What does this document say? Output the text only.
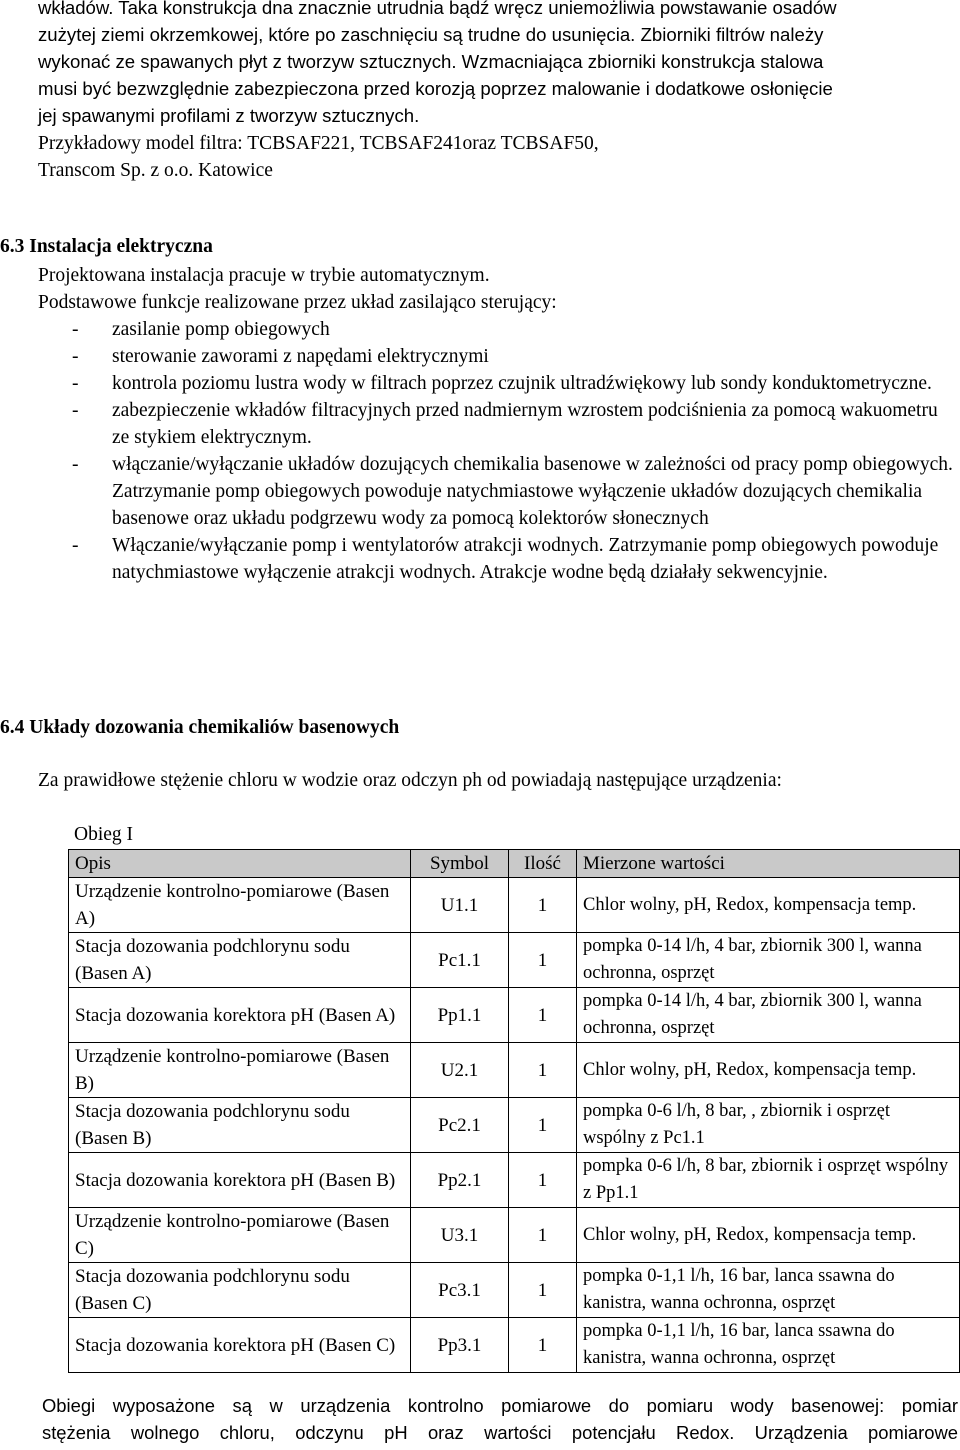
wkładów. Taka konstrukcja dna znacznie utrudnia bądź wręcz uniemożliwia powstawanie osadów

zużytej ziemi okrzemkowej, które po zaschnięciu są trudne do usunięcia. Zbiorniki filtrów należy

wykonać ze spawanych płyt z tworzyw sztucznych. Wzmacniająca zbiorniki konstrukcja stalowa

musi być bezwzględnie zabezpieczona przed korozją poprzez malowanie i dodatkowe osłonięcie

jej spawanymi profilami z tworzyw sztucznych.

Przykładowy model filtra: TCBSAF221, TCBSAF241oraz TCBSAF50,

Transcom Sp. z o.o. Katowice

6.3 Instalacja elektryczna

Projektowana instalacja pracuje w trybie automatycznym.

Podstawowe funkcje realizowane przez układ zasilająco sterujący:

- zasilanie pomp obiegowych
- sterowanie zaworami z napędami elektrycznymi
- kontrola poziomu lustra wody w filtrach poprzez czujnik ultradźwiękowy lub sondy konduktometryczne.
- zabezpieczenie wkładów filtracyjnych przed nadmiernym wzrostem podciśnienia za pomocą wakuometru ze stykiem elektrycznym.
- włączanie/wyłączanie układów dozujących chemikalia basenowe w zależności od pracy pomp obiegowych. Zatrzymanie pomp obiegowych powoduje natychmiastowe wyłączenie układów dozujących chemikalia basenowe oraz układu podgrzewu wody za pomocą kolektorów słonecznych
- Włączanie/wyłączanie pomp i wentylatorów atrakcji wodnych. Zatrzymanie pomp obiegowych powoduje natychmiastowe wyłączenie atrakcji wodnych. Atrakcje wodne będą działały sekwencyjnie.
6.4 Układy dozowania chemikaliów basenowych

Za prawidłowe stężenie chloru w wodzie oraz odczyn ph od powiadają następujące urządzenia:

Obieg I

Opis	Symbol	Ilość	Mierzone wartości
Urządzenie kontrolno-pomiarowe (Basen A)	U1.1	1	Chlor wolny, pH, Redox, kompensacja temp.
Stacja dozowania podchlorynu sodu (Basen A)	Pc1.1	1	pompka 0-14 l/h, 4 bar, zbiornik 300 l, wanna ochronna, osprzęt
Stacja dozowania korektora pH (Basen A)	Pp1.1	1	pompka 0-14 l/h, 4 bar, zbiornik 300 l, wanna ochronna, osprzęt
Urządzenie kontrolno-pomiarowe (Basen B)	U2.1	1	Chlor wolny, pH, Redox, kompensacja temp.
Stacja dozowania podchlorynu sodu (Basen B)	Pc2.1	1	pompka 0-6 l/h, 8 bar, , zbiornik i osprzęt wspólny z Pc1.1
Stacja dozowania korektora pH (Basen B)	Pp2.1	1	pompka 0-6 l/h, 8 bar, zbiornik i osprzęt wspólny z Pp1.1
Urządzenie kontrolno-pomiarowe (Basen C)	U3.1	1	Chlor wolny, pH, Redox, kompensacja temp.
Stacja dozowania podchlorynu sodu (Basen C)	Pc3.1	1	pompka 0-1,1 l/h, 16 bar, lanca ssawna do kanistra, wanna ochronna, osprzęt
Stacja dozowania korektora pH (Basen C)	Pp3.1	1	pompka 0-1,1 l/h, 16 bar, lanca ssawna do kanistra, wanna ochronna, osprzęt

Obiegi wyposażone są w urządzenia kontrolno pomiarowe do pomiaru wody basenowej: pomiar

stężenia wolnego chloru, odczynu pH oraz wartości potencjału Redox. Urządzenia pomiarowe
